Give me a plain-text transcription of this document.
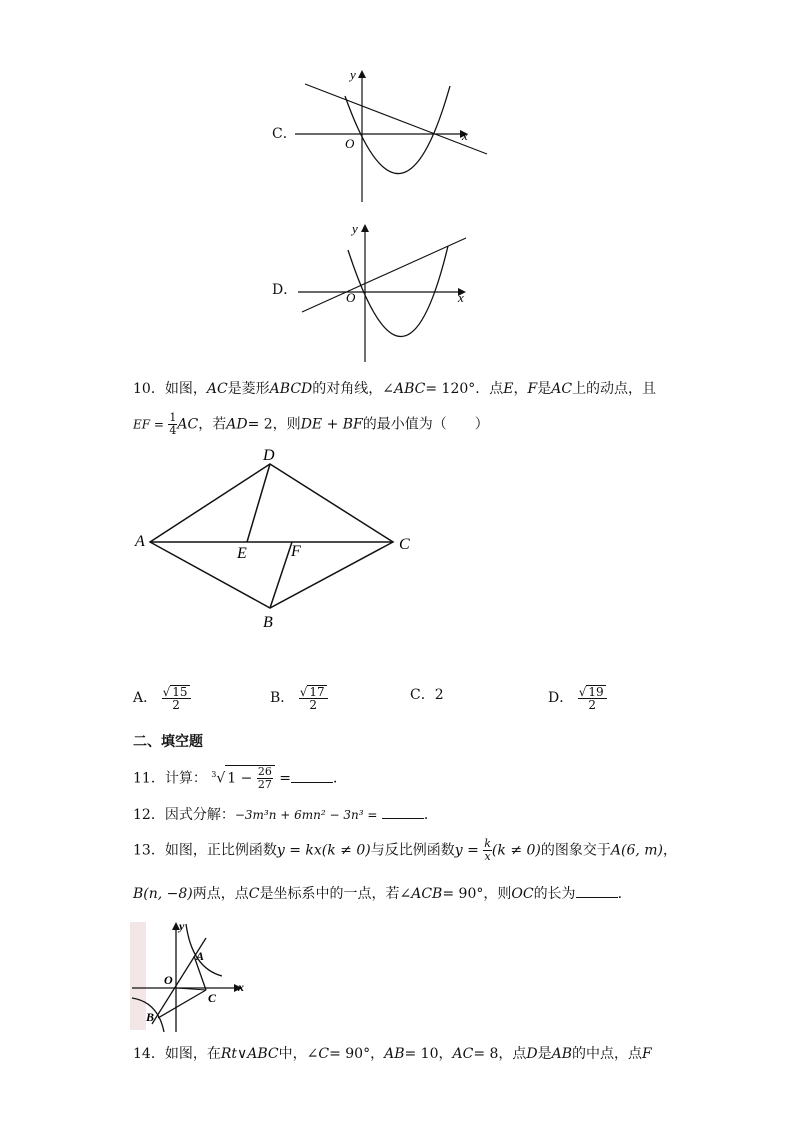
C．
y
x
O
D．
y
x
O
10．如图，AC是菱形ABCD的对角线，∠ABC= 120°．点E，F是AC上的动点，且
EF = $\frac{1}{4}$ AC，若AD= 2，则DE + BF的最小值为（　　）
A
D
C
B
E	F
A． $\frac{√ 15}{2}$	B． $\frac{√ 17}{2}$	C．2	D． $\frac{√ 19}{2}$
二、填空题
11．计算： $^3$√ $1 - \frac{26}{27}$ =	．
12．因式分解：−3m³n + 6mn² − 3n³ =	．
13．如图，正比例函数y = kx(k ≠ 0)与反比例函数$y = \frac{k}{x} (k \ne 0)$的图象交于A(6, m)，
B(n, −8)两点，点C是坐标系中的一点，若∠ACB= 90°，则OC的长为	．
y
x
O
A
B
C
14．如图，在Rt∨ABC中，∠C= 90°，AB= 10，AC= 8，点D是AB的中点，点F
